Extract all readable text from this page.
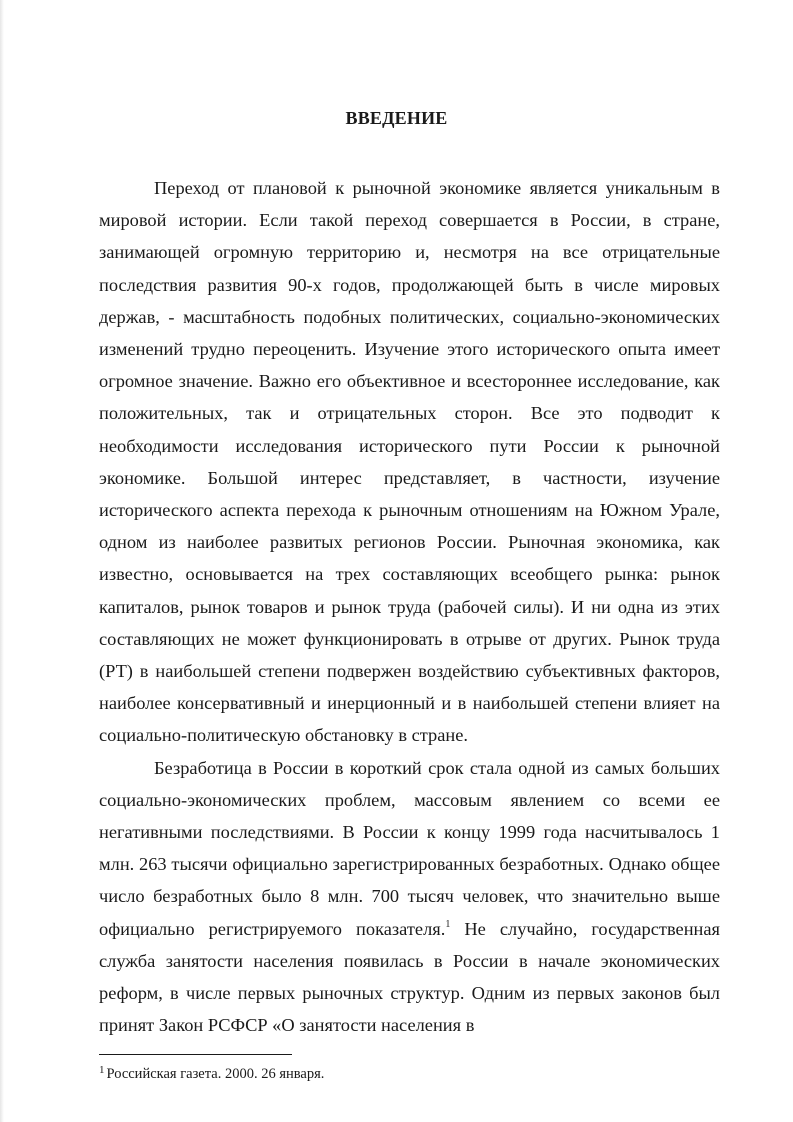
ВВЕДЕНИЕ

Переход от плановой к рыночной экономике является уникальным в мировой истории. Если такой переход совершается в России, в стране, занимающей огромную территорию и, несмотря на все отрицательные последствия развития 90-х годов, продолжающей быть в числе мировых держав, - масштабность подобных политических, социально-экономических изменений трудно переоценить. Изучение этого исторического опыта имеет огромное значение. Важно его объективное и всестороннее исследование, как положительных, так и отрицательных сторон. Все это подводит к необходимости исследования исторического пути России к рыночной экономике. Большой интерес представляет, в частности, изучение исторического аспекта перехода к рыночным отношениям на Южном Урале, одном из наиболее развитых регионов России. Рыночная экономика, как известно, основывается на трех составляющих всеобщего рынка: рынок капиталов, рынок товаров и рынок труда (рабочей силы). И ни одна из этих составляющих не может функционировать в отрыве от других. Рынок труда (РТ) в наибольшей степени подвержен воздействию субъективных факторов, наиболее консервативный и инерционный и в наибольшей степени влияет на социально-политическую обстановку в стране.

Безработица в России в короткий срок стала одной из самых больших социально-экономических проблем, массовым явлением со всеми ее негативными последствиями. В России к концу 1999 года насчитывалось 1 млн. 263 тысячи официально зарегистрированных безработных. Однако общее число безработных было 8 млн. 700 тысяч человек, что значительно выше официально регистрируемого показателя.$^1$ Не случайно, государственная служба занятости населения появилась в России в начале экономических реформ, в числе первых рыночных структур. Одним из первых законов был принят Закон РСФСР «О занятости населения в

$^1$ Российская газета. 2000. 26 января.
